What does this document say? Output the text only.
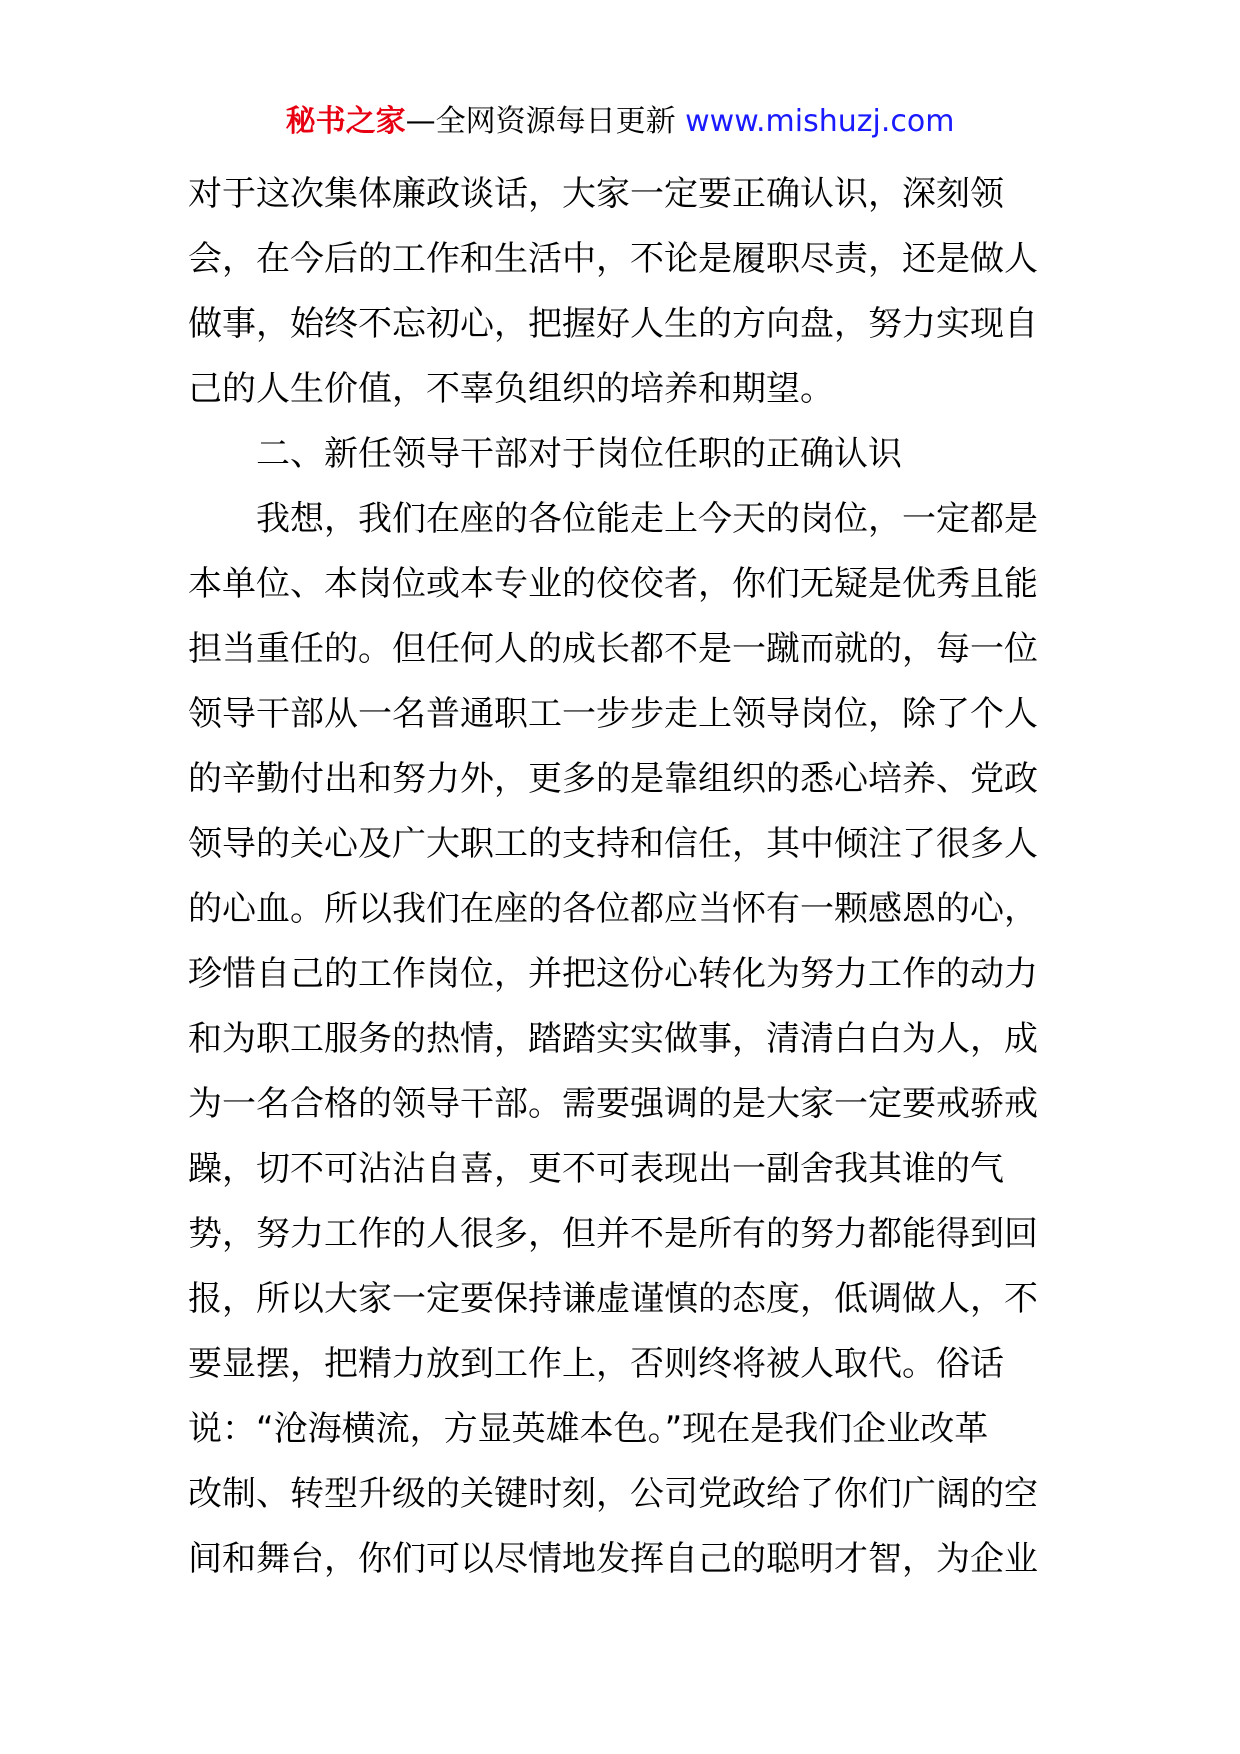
秘书之家—全网资源每日更新 www.mishuzj.com
对于这次集体廉政谈话，大家一定要正确认识，深刻领
会，在今后的工作和生活中，不论是履职尽责，还是做人
做事，始终不忘初心，把握好人生的方向盘，努力实现自
己的人生价值，不辜负组织的培养和期望。
二、新任领导干部对于岗位任职的正确认识
我想，我们在座的各位能走上今天的岗位，一定都是
本单位、本岗位或本专业的佼佼者，你们无疑是优秀且能
担当重任的。但任何人的成长都不是一蹴而就的，每一位
领导干部从一名普通职工一步步走上领导岗位，除了个人
的辛勤付出和努力外，更多的是靠组织的悉心培养、党政
领导的关心及广大职工的支持和信任，其中倾注了很多人
的心血。所以我们在座的各位都应当怀有一颗感恩的心，
珍惜自己的工作岗位，并把这份心转化为努力工作的动力
和为职工服务的热情，踏踏实实做事，清清白白为人，成
为一名合格的领导干部。需要强调的是大家一定要戒骄戒
躁，切不可沾沾自喜，更不可表现出一副舍我其谁的气
势，努力工作的人很多，但并不是所有的努力都能得到回
报，所以大家一定要保持谦虚谨慎的态度，低调做人，不
要显摆，把精力放到工作上，否则终将被人取代。俗话
说：“沧海横流，方显英雄本色。”现在是我们企业改革
改制、转型升级的关键时刻，公司党政给了你们广阔的空
间和舞台，你们可以尽情地发挥自己的聪明才智，为企业
